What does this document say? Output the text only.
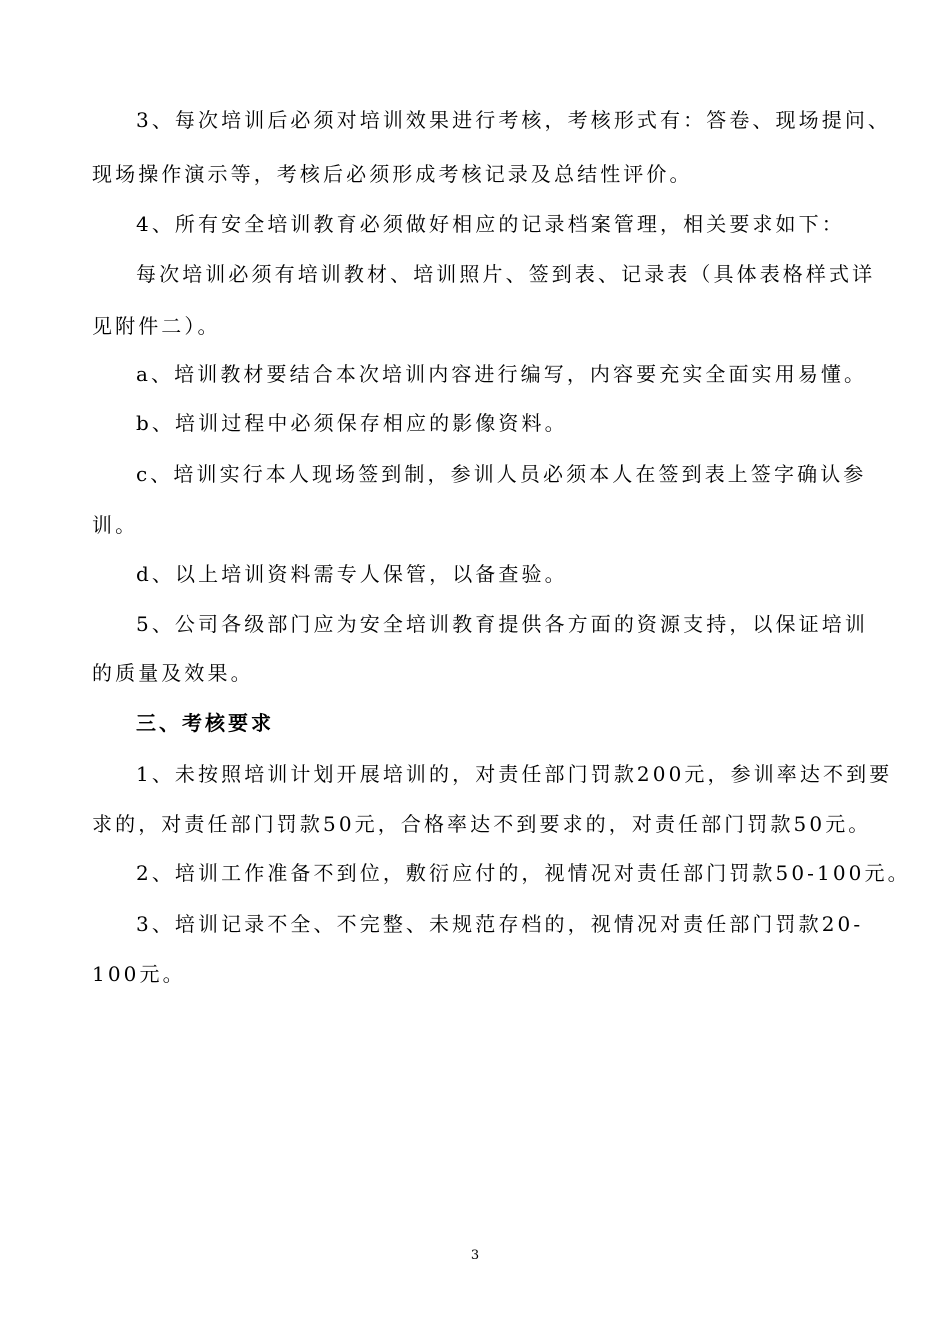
3、每次培训后必须对培训效果进行考核，考核形式有：答卷、现场提问、
现场操作演示等，考核后必须形成考核记录及总结性评价。
4、所有安全培训教育必须做好相应的记录档案管理，相关要求如下：
每次培训必须有培训教材、培训照片、签到表、记录表（具体表格样式详
见附件二）。
a、培训教材要结合本次培训内容进行编写，内容要充实全面实用易懂。
b、培训过程中必须保存相应的影像资料。
c、培训实行本人现场签到制，参训人员必须本人在签到表上签字确认参
训。
d、以上培训资料需专人保管，以备查验。
5、公司各级部门应为安全培训教育提供各方面的资源支持，以保证培训
的质量及效果。
三、考核要求
1、未按照培训计划开展培训的，对责任部门罚款200元，参训率达不到要
求的，对责任部门罚款50元，合格率达不到要求的，对责任部门罚款50元。
2、培训工作准备不到位，敷衍应付的，视情况对责任部门罚款50-100元。
3、培训记录不全、不完整、未规范存档的，视情况对责任部门罚款20-
100元。
3
